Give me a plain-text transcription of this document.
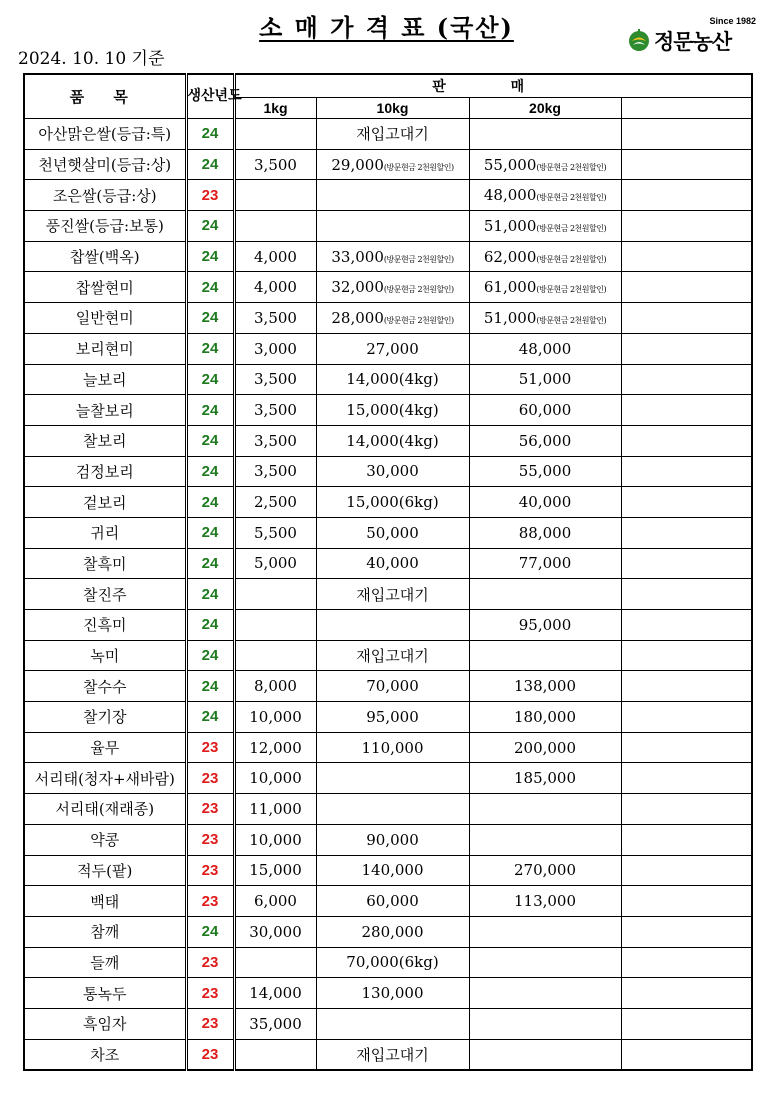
소 매 가 격 표 (국산)
2024. 10. 10 기준
Since 1982
정문농산
품 목	생산년도	판 매			
		1kg	10kg	20kg	
아산맑은쌀(등급:특)	24		재입고대기		
천년햇살미(등급:상)	24	3,500	29,000(방문현금 2천원할인)	55,000(방문현금 2천원할인)	
조은쌀(등급:상)	23			48,000(방문현금 2천원할인)	
풍진쌀(등급:보통)	24			51,000(방문현금 2천원할인)	
찹쌀(백옥)	24	4,000	33,000(방문현금 2천원할인)	62,000(방문현금 2천원할인)	
찹쌀현미	24	4,000	32,000(방문현금 2천원할인)	61,000(방문현금 2천원할인)	
일반현미	24	3,500	28,000(방문현금 2천원할인)	51,000(방문현금 2천원할인)	
보리현미	24	3,000	27,000	48,000	
늘보리	24	3,500	14,000(4kg)	51,000	
늘찰보리	24	3,500	15,000(4kg)	60,000	
찰보리	24	3,500	14,000(4kg)	56,000	
검정보리	24	3,500	30,000	55,000	
겉보리	24	2,500	15,000(6kg)	40,000	
귀리	24	5,500	50,000	88,000	
찰흑미	24	5,000	40,000	77,000	
찰진주	24		재입고대기		
진흑미	24			95,000	
녹미	24		재입고대기		
찰수수	24	8,000	70,000	138,000	
찰기장	24	10,000	95,000	180,000	
율무	23	12,000	110,000	200,000	
서리태(청자+새바람)	23	10,000		185,000	
서리태(재래종)	23	11,000			
약콩	23	10,000	90,000		
적두(팥)	23	15,000	140,000	270,000	
백태	23	6,000	60,000	113,000	
참깨	24	30,000	280,000		
들깨	23		70,000(6kg)		
통녹두	23	14,000	130,000		
흑임자	23	35,000			
차조	23		재입고대기		
